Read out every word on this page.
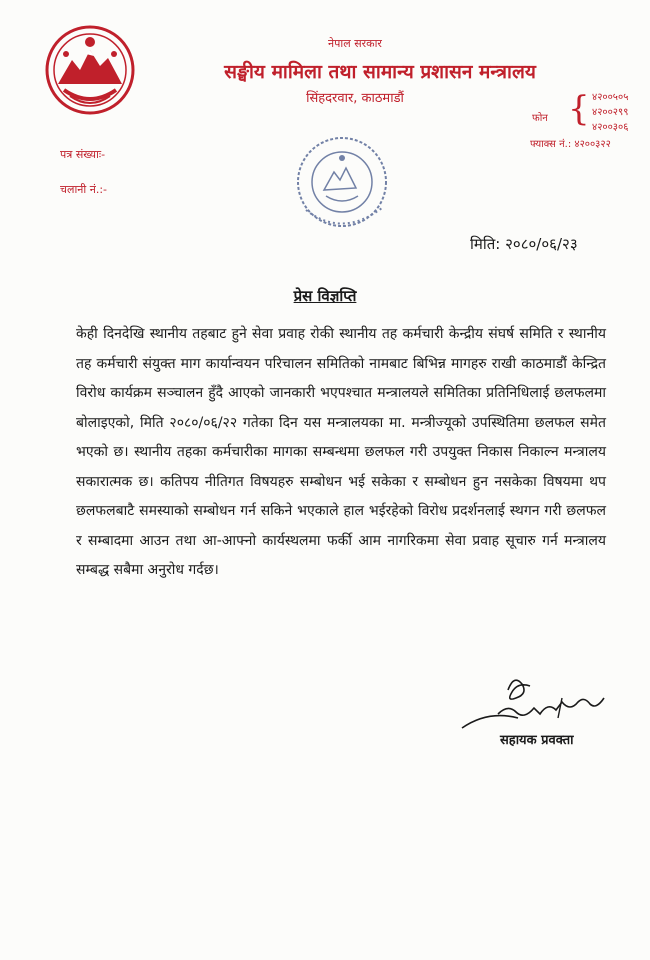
नेपाल सरकार
सङ्घीय मामिला तथा सामान्य प्रशासन मन्त्रालय
सिंहदरवार, काठमाडौं
फोन { ४२००५०५
४२००२९९
४२००३०६
फ्याक्स नं.: ४२००३२२
पत्र संख्याः-
चलानी नं.:-
मिति: २०८०/०६/२३
प्रेस विज्ञप्ति

केही दिनदेखि स्थानीय तहबाट हुने सेवा प्रवाह रोकी स्थानीय तह कर्मचारी केन्द्रीय संघर्ष समिति र स्थानीय तह कर्मचारी संयुक्त माग कार्यान्वयन परिचालन समितिको नामबाट बिभिन्न मागहरु राखी काठमाडौं केन्द्रित विरोध कार्यक्रम सञ्चालन हुँदै आएको जानकारी भएपश्चात मन्त्रालयले समितिका प्रतिनिधिलाई छलफलमा बोलाइएको, मिति २०८०/०६/२२ गतेका दिन यस मन्त्रालयका मा. मन्त्रीज्यूको उपस्थितिमा छलफल समेत भएको छ। स्थानीय तहका कर्मचारीका मागका सम्बन्धमा छलफल गरी उपयुक्त निकास निकाल्न मन्त्रालय सकारात्मक छ। कतिपय नीतिगत विषयहरु सम्बोधन भई सकेका र सम्बोधन हुन नसकेका विषयमा थप छलफलबाटै समस्याको सम्बोधन गर्न सकिने भएकाले हाल भईरहेको विरोध प्रदर्शनलाई स्थगन गरी छलफल र सम्बादमा आउन तथा आ-आफ्नो कार्यस्थलमा फर्की आम नागरिकमा सेवा प्रवाह सूचारु गर्न मन्त्रालय सम्बद्ध सबैमा अनुरोध गर्दछ।

सहायक प्रवक्ता
